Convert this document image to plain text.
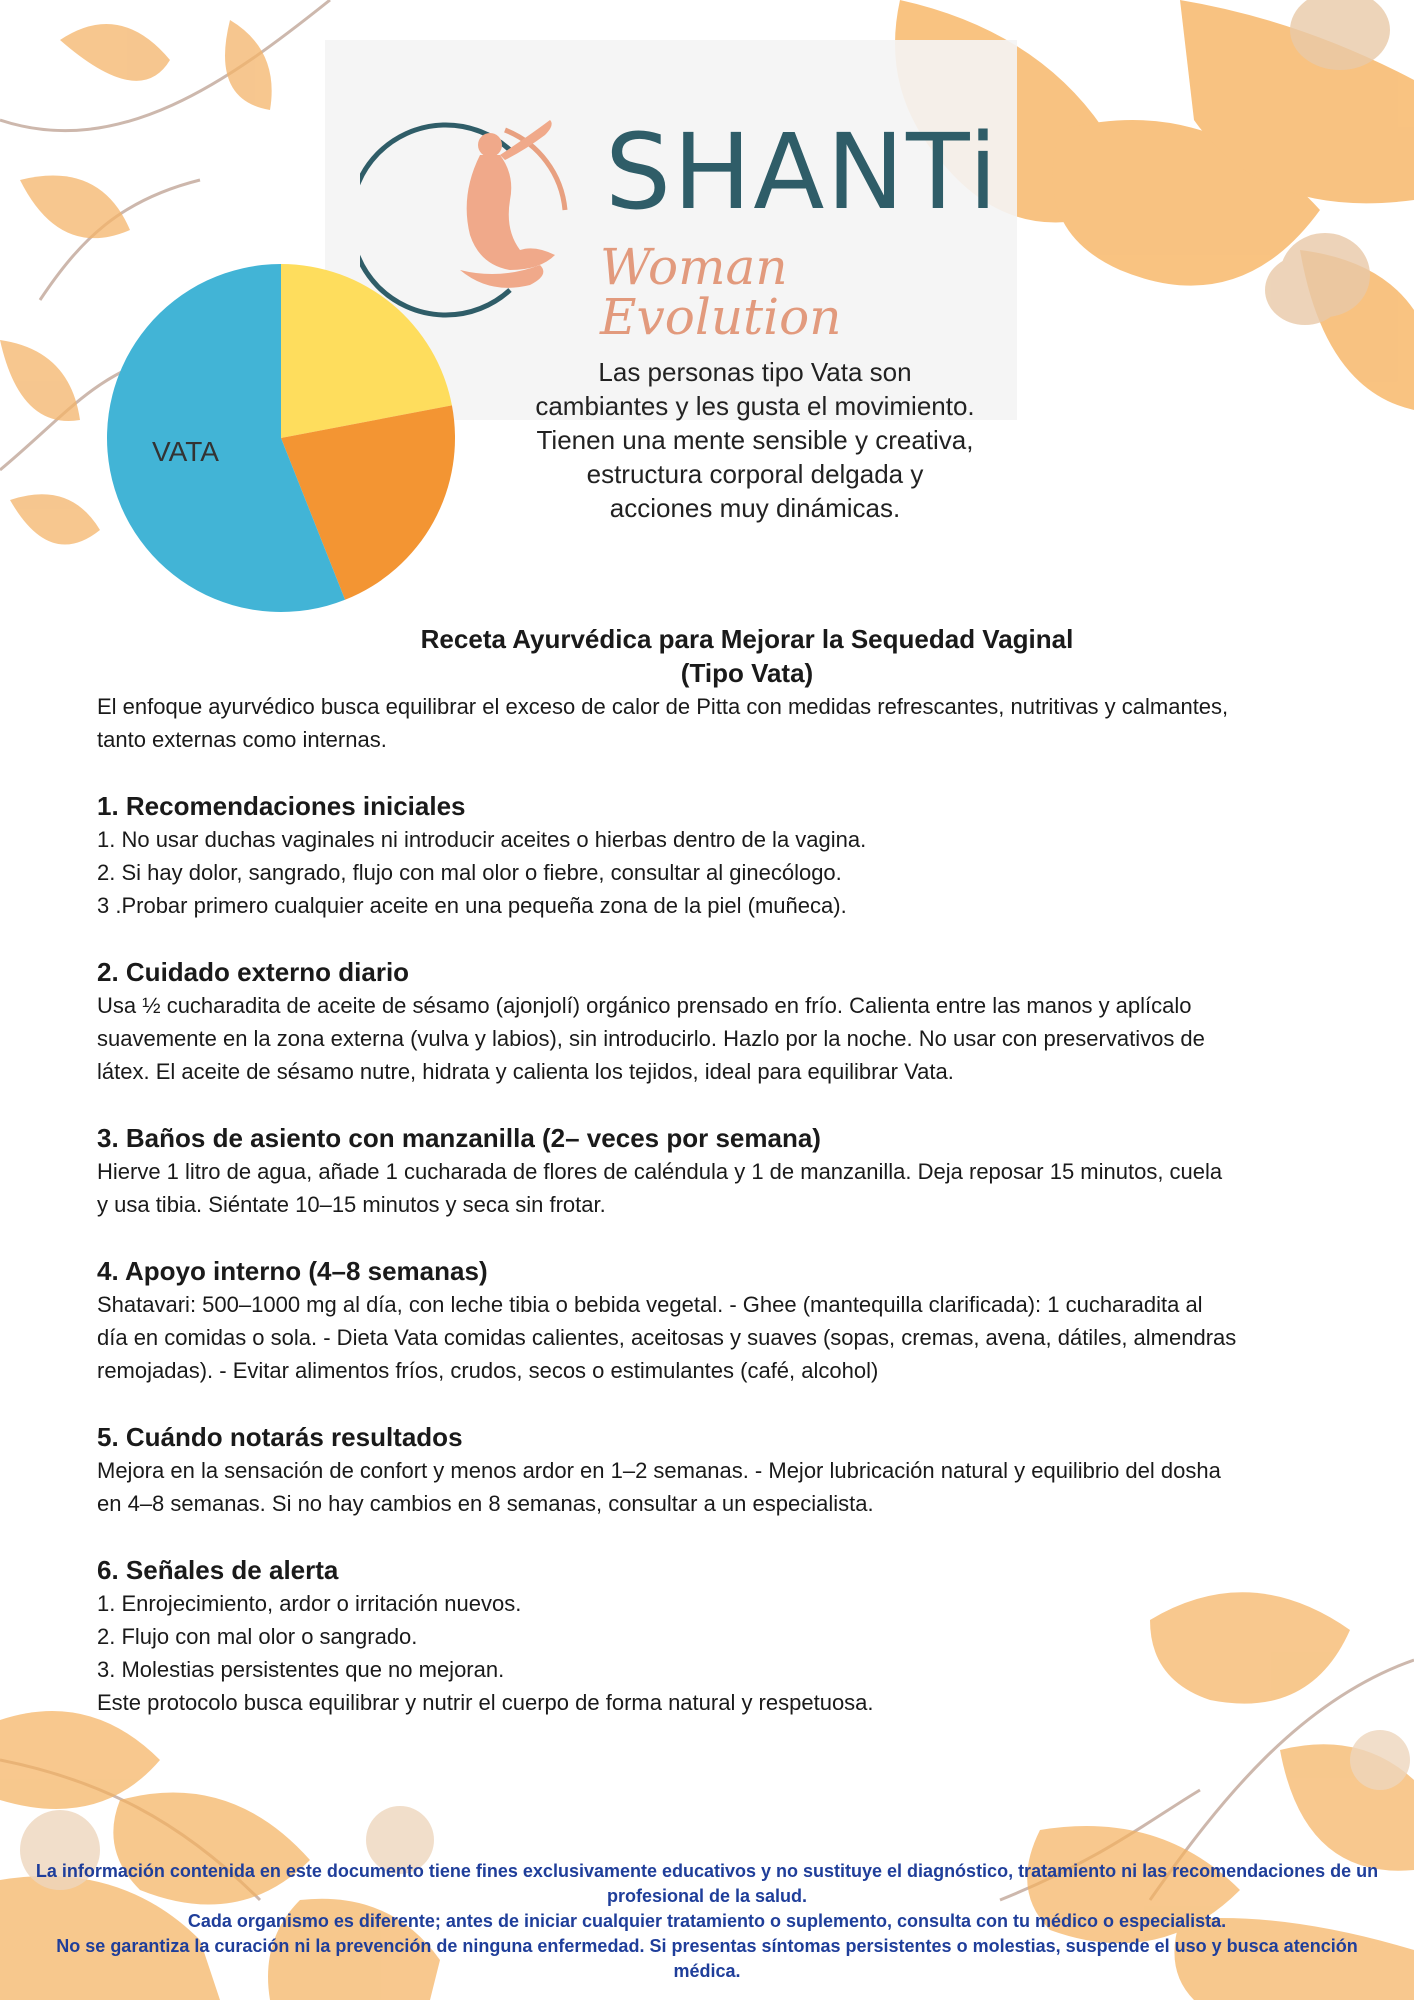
SHANTi
Woman Evolution
VATA
Las personas tipo Vata son
cambiantes y les gusta el movimiento.
Tienen una mente sensible y creativa,
estructura corporal delgada y
acciones muy dinámicas.
Receta Ayurvédica para Mejorar la Sequedad Vaginal
(Tipo Vata)

El enfoque ayurvédico busca equilibrar el exceso de calor de Pitta con medidas refrescantes, nutritivas y calmantes, tanto externas como internas.

1. Recomendaciones iniciales

1. No usar duchas vaginales ni introducir aceites o hierbas dentro de la vagina.

2. Si hay dolor, sangrado, flujo con mal olor o fiebre, consultar al ginecólogo.

3 .Probar primero cualquier aceite en una pequeña zona de la piel (muñeca).

2. Cuidado externo diario

Usa ½ cucharadita de aceite de sésamo (ajonjolí) orgánico prensado en frío. Calienta entre las manos y aplícalo suavemente en la zona externa (vulva y labios), sin introducirlo. Hazlo por la noche. No usar con preservativos de látex. El aceite de sésamo nutre, hidrata y calienta los tejidos, ideal para equilibrar Vata.

3. Baños de asiento con manzanilla (2– veces por semana)

Hierve 1 litro de agua, añade 1 cucharada de flores de caléndula y 1 de manzanilla. Deja reposar 15 minutos, cuela y usa tibia. Siéntate 10–15 minutos y seca sin frotar.

4. Apoyo interno (4–8 semanas)

Shatavari: 500–1000 mg al día, con leche tibia o bebida vegetal. - Ghee (mantequilla clarificada): 1 cucharadita al día en comidas o sola. - Dieta Vata comidas calientes, aceitosas y suaves (sopas, cremas, avena, dátiles, almendras remojadas). - Evitar alimentos fríos, crudos, secos o estimulantes (café, alcohol)

5. Cuándo notarás resultados

Mejora en la sensación de confort y menos ardor en 1–2 semanas. - Mejor lubricación natural y equilibrio del dosha en 4–8 semanas. Si no hay cambios en 8 semanas, consultar a un especialista.

6. Señales de alerta

1. Enrojecimiento, ardor o irritación nuevos.

2. Flujo con mal olor o sangrado.

3. Molestias persistentes que no mejoran.

Este protocolo busca equilibrar y nutrir el cuerpo de forma natural y respetuosa.

La información contenida en este documento tiene fines exclusivamente educativos y no sustituye el diagnóstico, tratamiento ni las recomendaciones de un profesional de la salud.
Cada organismo es diferente; antes de iniciar cualquier tratamiento o suplemento, consulta con tu médico o especialista.
No se garantiza la curación ni la prevención de ninguna enfermedad. Si presentas síntomas persistentes o molestias, suspende el uso y busca atención médica.
